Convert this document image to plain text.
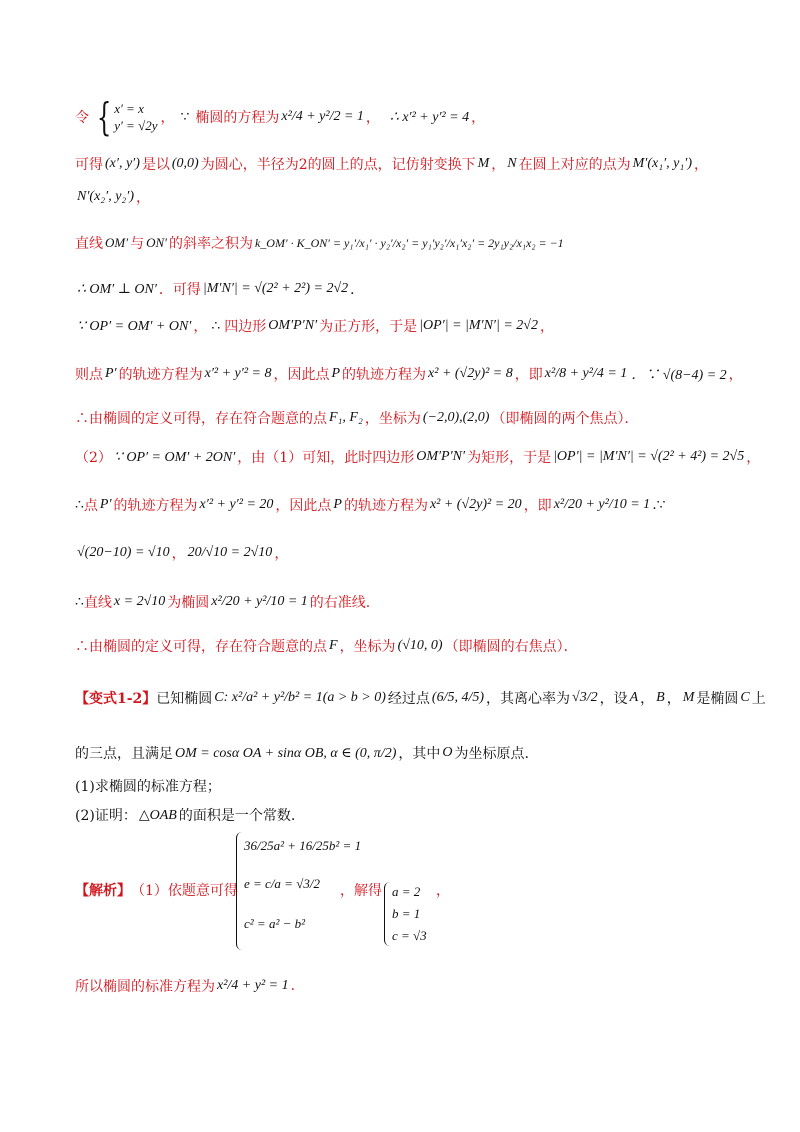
令 { x′ = x
y′ = √2y ， ∵ 椭圆的方程为 x²/4 + y²/2 = 1 ， ∴ x′² + y′² = 4 ，
可得 (x′, y′) 是以 (0,0) 为圆心，半径为2的圆上的点，记仿射变换下 M ， N 在圆上对应的点为 M′(x₁′, y₁′) ，
N′(x₂′, y₂′) ，
直线 OM′ 与 ON′ 的斜率之积为 k_OM′ · K_ON′ = y₁′/x₁′ · y₂′/x₂′ = y₁′y₂′/x₁′x₂′ = 2y₁y₂/x₁x₂ = −1
∴ OM′ ⊥ ON′ ．可得 |M′N′| = √(2² + 2²) = 2√2 ．
∵ OP′ = OM′ + ON′ ， ∴ 四边形 OM′P′N′ 为正方形，于是 |OP′| = |M′N′| = 2√2 ，
则点 P′ 的轨迹方程为 x′² + y′² = 8 ，因此点 P 的轨迹方程为 x² + (√2y)² = 8 ，即 x²/8 + y²/4 = 1 ．∵ √(8−4) = 2 ，
∴由椭圆的定义可得，存在符合题意的点 F₁, F₂ ，坐标为 (−2,0),(2,0) （即椭圆的两个焦点）．
（2） ∵ OP′ = OM′ + 2ON′ ，由（1）可知，此时四边形 OM′P′N′ 为矩形，于是 |OP′| = |M′N′| = √(2² + 4²) = 2√5 ，
∴ 点 P′ 的轨迹方程为 x′² + y′² = 20 ，因此点 P 的轨迹方程为 x² + (√2y)² = 20 ，即 x²/20 + y²/10 = 1 .∵
√(20−10) = √10 ， 20/√10 = 2√10 ，
∴ 直线 x = 2√10 为椭圆 x²/20 + y²/10 = 1 的右准线.
∴由椭圆的定义可得，存在符合题意的点 F ，坐标为 (√10, 0) （即椭圆的右焦点）．
【变式1-2】 已知椭圆 C: x²/a² + y²/b² = 1(a > b > 0) 经过点 (6/5, 4/5) ，其离心率为 √3/2 ，设 A ， B ， M 是椭圆 C 上
的三点，且满足 OM = cosα OA + sinα OB, α ∈ (0, π/2) ，其中 O 为坐标原点.
(1)求椭圆的标准方程；
(2)证明： △OAB 的面积是一个常数.
【解析】 （1）依题意可得
36/25a² + 16/25b² = 1
e = c/a = √3/2
c² = a² − b²
，解得 a = 2
b = 1
c = √3
，
所以椭圆的标准方程为 x²/4 + y² = 1 .
